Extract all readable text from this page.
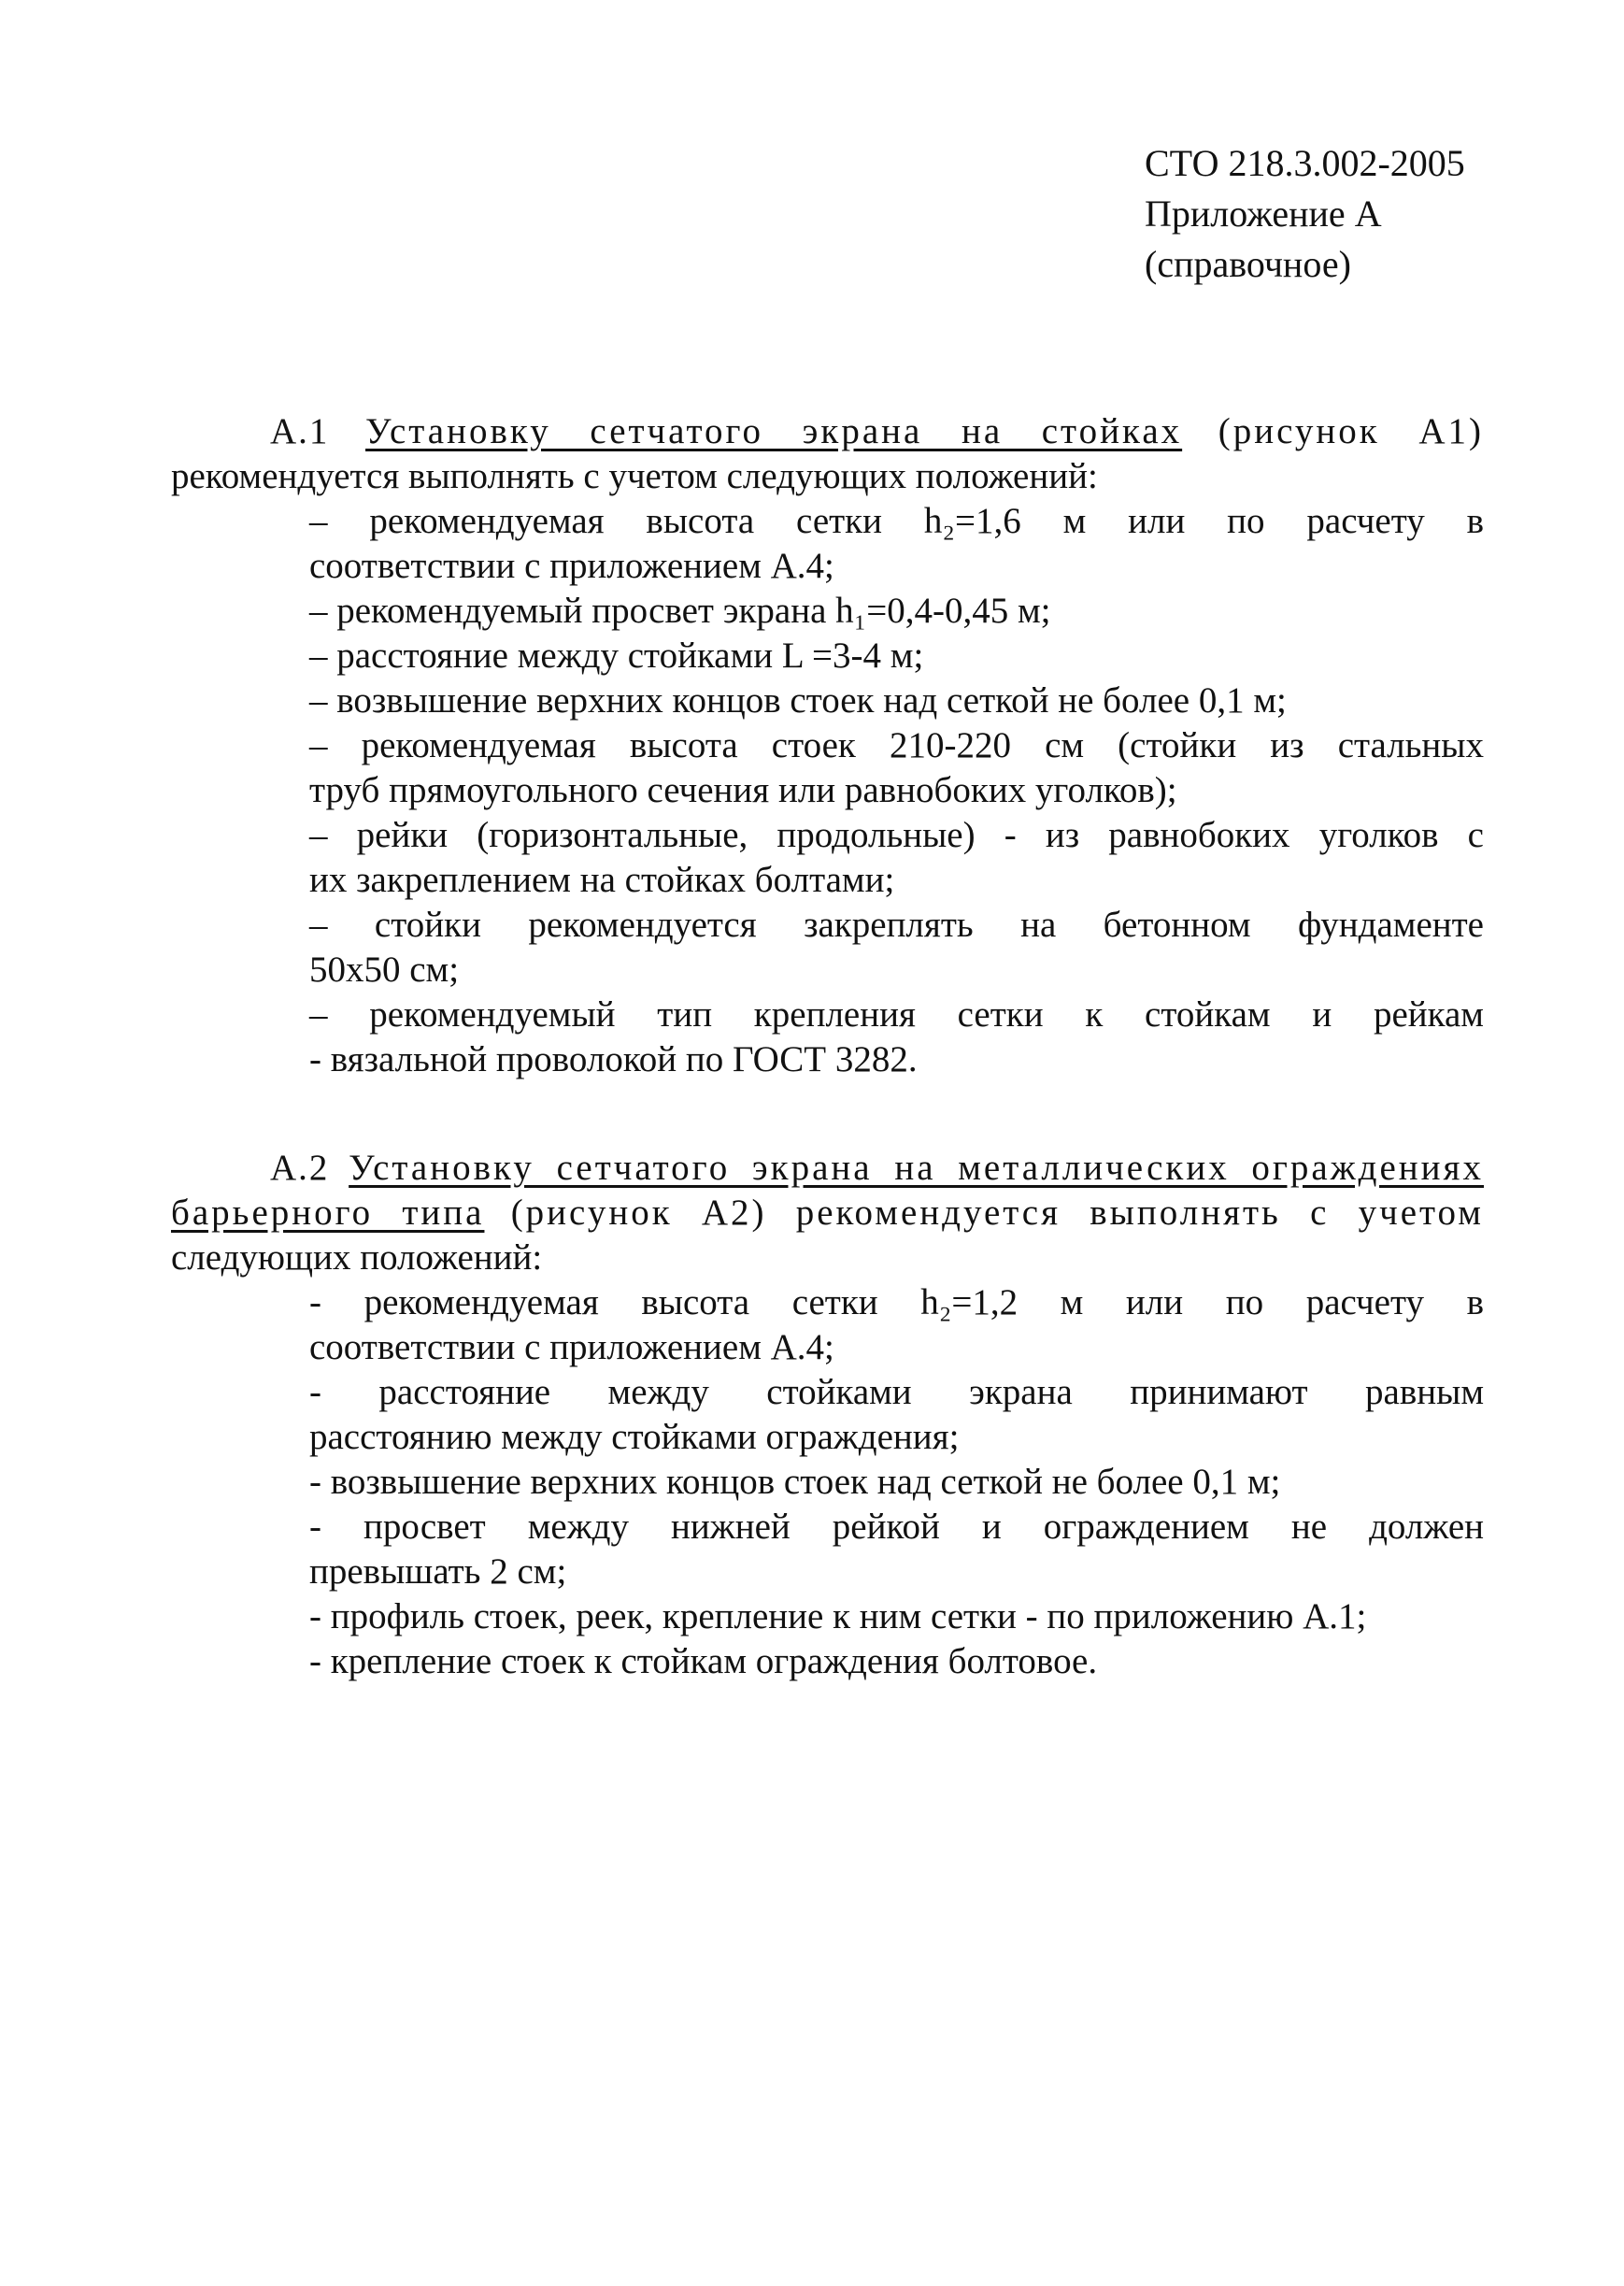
СТО 218.3.002-2005
Приложение А
(справочное)
А.1 Установку сетчатого экрана на стойках (рисунок А1)
рекомендуется выполнять с учетом следующих положений:
– рекомендуемая высота сетки h₂=1,6 м или по расчету в
соответствии с приложением А.4;
– рекомендуемый просвет экрана h₁=0,4-0,45 м;
– расстояние между стойками L =3-4 м;
– возвышение верхних концов стоек над сеткой не более 0,1 м;
– рекомендуемая высота стоек 210-220 см (стойки из стальных
труб прямоугольного сечения или равнобоких уголков);
– рейки (горизонтальные, продольные) - из равнобоких уголков с
их закреплением на стойках болтами;
– стойки рекомендуется закреплять на бетонном фундаменте
50х50 см;
– рекомендуемый тип крепления сетки к стойкам и рейкам
- вязальной проволокой по ГОСТ 3282.
А.2 Установку сетчатого экрана на металлических ограждениях
барьерного типа (рисунок А2) рекомендуется выполнять с учетом
следующих положений:
- рекомендуемая высота сетки h₂=1,2 м или по расчету в
соответствии с приложением А.4;
- расстояние между стойками экрана принимают равным
расстоянию между стойками ограждения;
- возвышение верхних концов стоек над сеткой не более 0,1 м;
- просвет между нижней рейкой и ограждением не должен
превышать 2 см;
- профиль стоек, реек, крепление к ним сетки - по приложению А.1;
- крепление стоек к стойкам ограждения болтовое.
